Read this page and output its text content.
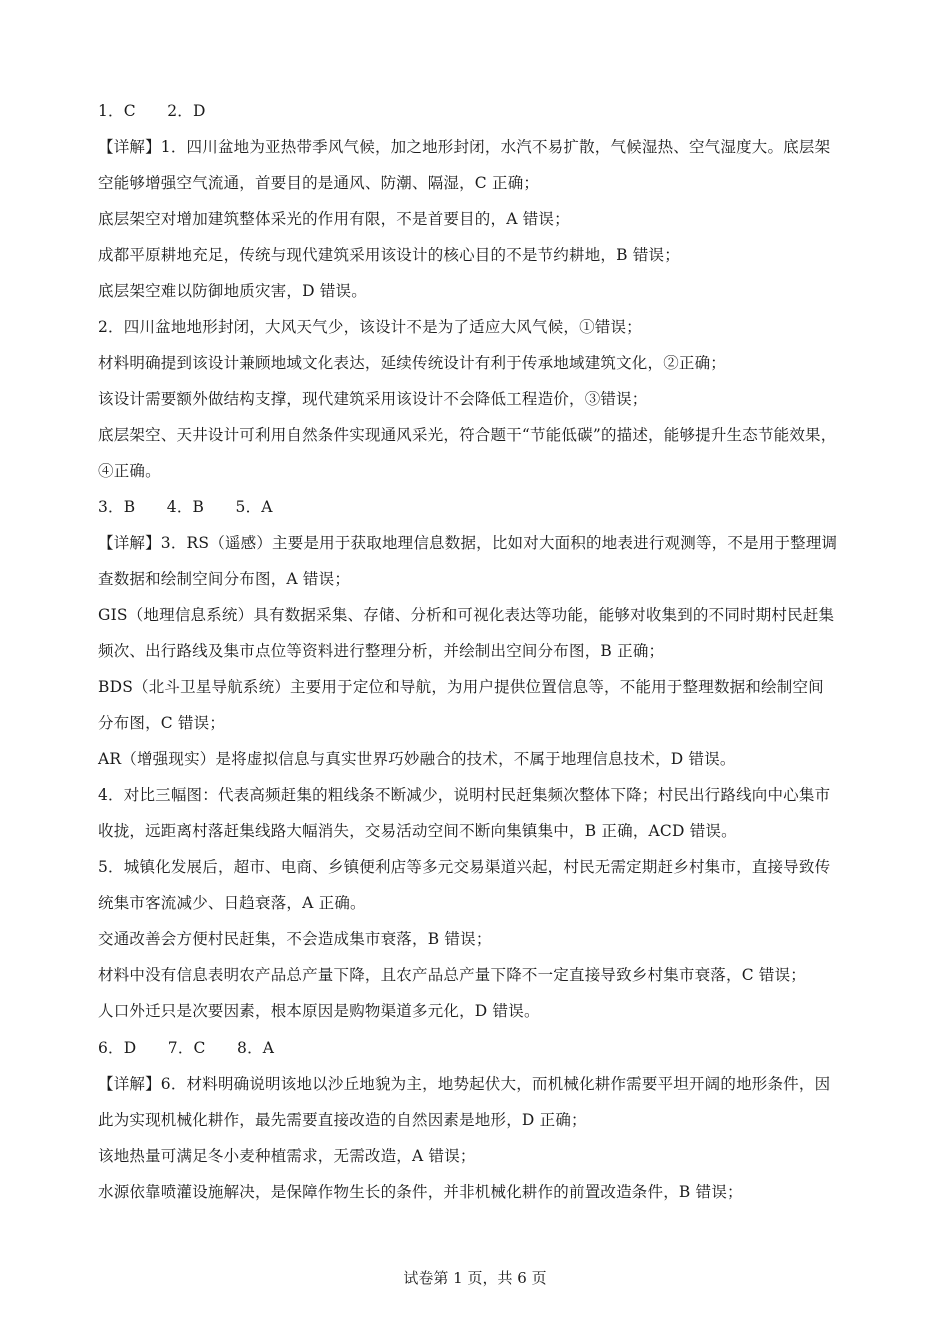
1．C　　2．D
【详解】1．四川盆地为亚热带季风气候，加之地形封闭，水汽不易扩散，气候湿热、空气湿度大。底层架
空能够增强空气流通，首要目的是通风、防潮、隔湿，C 正确；
底层架空对增加建筑整体采光的作用有限，不是首要目的，A 错误；
成都平原耕地充足，传统与现代建筑采用该设计的核心目的不是节约耕地，B 错误；
底层架空难以防御地质灾害，D 错误。
2．四川盆地地形封闭，大风天气少，该设计不是为了适应大风气候，①错误；
材料明确提到该设计兼顾地域文化表达，延续传统设计有利于传承地域建筑文化，②正确；
该设计需要额外做结构支撑，现代建筑采用该设计不会降低工程造价，③错误；
底层架空、天井设计可利用自然条件实现通风采光，符合题干“节能低碳”的描述，能够提升生态节能效果，
④正确。
3．B　　4．B　　5．A
【详解】3．RS（遥感）主要是用于获取地理信息数据，比如对大面积的地表进行观测等，不是用于整理调
查数据和绘制空间分布图，A 错误；
GIS（地理信息系统）具有数据采集、存储、分析和可视化表达等功能，能够对收集到的不同时期村民赶集
频次、出行路线及集市点位等资料进行整理分析，并绘制出空间分布图，B 正确；
BDS（北斗卫星导航系统）主要用于定位和导航，为用户提供位置信息等，不能用于整理数据和绘制空间
分布图，C 错误；
AR（增强现实）是将虚拟信息与真实世界巧妙融合的技术，不属于地理信息技术，D 错误。
4．对比三幅图：代表高频赶集的粗线条不断减少，说明村民赶集频次整体下降；村民出行路线向中心集市
收拢，远距离村落赶集线路大幅消失，交易活动空间不断向集镇集中，B 正确，ACD 错误。
5．城镇化发展后，超市、电商、乡镇便利店等多元交易渠道兴起，村民无需定期赶乡村集市，直接导致传
统集市客流减少、日趋衰落，A 正确。
交通改善会方便村民赶集，不会造成集市衰落，B 错误；
材料中没有信息表明农产品总产量下降，且农产品总产量下降不一定直接导致乡村集市衰落，C 错误；
人口外迁只是次要因素，根本原因是购物渠道多元化，D 错误。
6．D　　7．C　　8．A
【详解】6．材料明确说明该地以沙丘地貌为主，地势起伏大，而机械化耕作需要平坦开阔的地形条件，因
此为实现机械化耕作，最先需要直接改造的自然因素是地形，D 正确；
该地热量可满足冬小麦种植需求，无需改造，A 错误；
水源依靠喷灌设施解决，是保障作物生长的条件，并非机械化耕作的前置改造条件，B 错误；
试卷第 1 页，共 6 页
